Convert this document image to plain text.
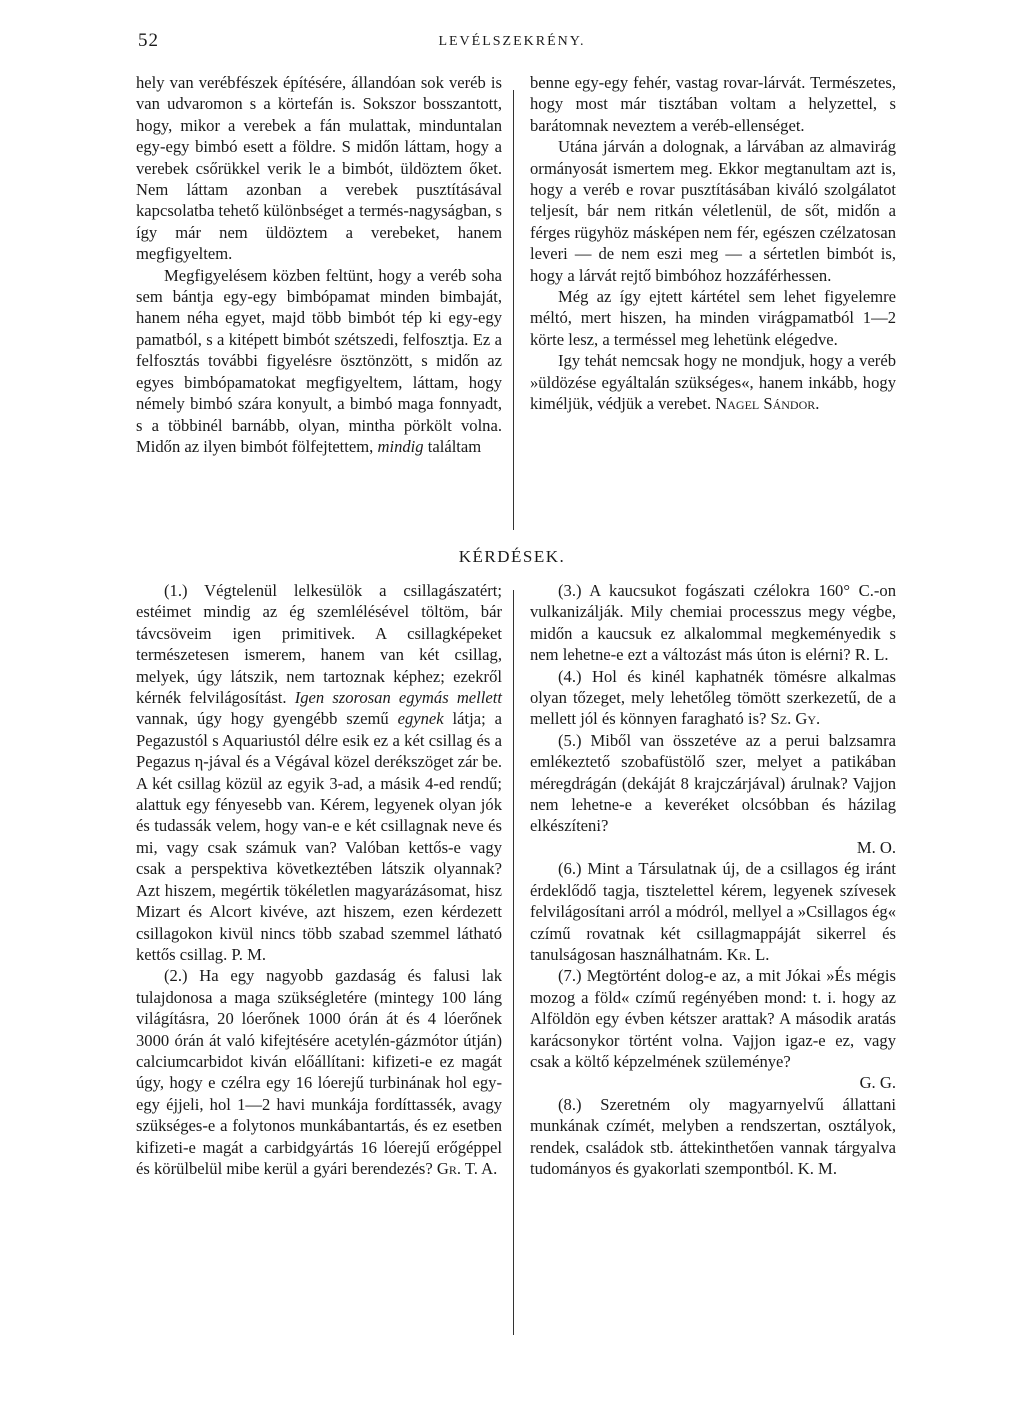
52	LEVÉLSZEKRÉNY.

hely van verébfészek építésére, állandóan sok veréb is van udvaromon s a körtefán is. Sokszor bosszantott, hogy, mikor a verebek a fán mulattak, minduntalan egy-egy bimbó esett a földre. S midőn láttam, hogy a verebek csőrükkel verik le a bimbót, üldöztem őket. Nem láttam azonban a verebek pusztításával kapcsolatba tehető különbséget a termés-nagyságban, s így már nem üldöztem a verebeket, hanem megfigyeltem.

Megfigyelésem közben feltünt, hogy a veréb soha sem bántja egy-egy bimbópamat minden bimbaját, hanem néha egyet, majd több bimbót tép ki egy-egy pamatból, s a kitépett bimbót szétszedi, felfosztja. Ez a felfosztás további figyelésre ösztönzött, s midőn az egyes bimbópamatokat megfigyeltem, láttam, hogy némely bimbó szára konyult, a bimbó maga fonnyadt, s a többinél barnább, olyan, mintha pörkölt volna. Midőn az ilyen bimbót fölfejtettem, mindig találtam

benne egy-egy fehér, vastag rovar-lárvát. Természetes, hogy most már tisztában voltam a helyzettel, s barátomnak neveztem a veréb-ellenséget.

Utána járván a dolognak, a lárvában az almavirág ormányosát ismertem meg. Ekkor megtanultam azt is, hogy a veréb e rovar pusztításában kiváló szolgálatot teljesít, bár nem ritkán véletlenül, de sőt, midőn a férges rügyhöz másképen nem fér, egészen czélzatosan leveri — de nem eszi meg — a sértetlen bimbót is, hogy a lárvát rejtő bimbóhoz hozzáférhessen.

Még az így ejtett kártétel sem lehet figyelemre méltó, mert hiszen, ha minden virágpamatból 1—2 körte lesz, a terméssel meg lehetünk elégedve.

Igy tehát nemcsak hogy ne mondjuk, hogy a veréb »üldözése egyáltalán szükséges«, hanem inkább, hogy kiméljük, védjük a verebet. Nagel Sándor.

KÉRDÉSEK.

(1.) Végtelenül lelkesülök a csillagászatért; estéimet mindig az ég szemlélésével töltöm, bár távcsöveim igen primitivek. A csillagképeket természetesen ismerem, hanem van két csillag, melyek, úgy látszik, nem tartoznak képhez; ezekről kérnék felvilágosítást. Igen szorosan egymás mellett vannak, úgy hogy gyengébb szemű egynek látja; a Pegazustól s Aquariustól délre esik ez a két csillag és a Pegazus η-jával és a Végával közel derékszöget zár be. A két csillag közül az egyik 3-ad, a másik 4-ed rendű; alattuk egy fényesebb van. Kérem, legyenek olyan jók és tudassák velem, hogy van-e e két csillagnak neve és mi, vagy csak számuk van? Valóban kettős-e vagy csak a perspektiva következtében látszik olyannak? Azt hiszem, megértik tökéletlen magyarázásomat, hisz Mizart és Alcort kivéve, azt hiszem, ezen kérdezett csillagokon kivül nincs több szabad szemmel látható kettős csillag. P. M.

(2.) Ha egy nagyobb gazdaság és falusi lak tulajdonosa a maga szükségletére (mintegy 100 láng világításra, 20 lóerőnek 1000 órán át és 4 lóerőnek 3000 órán át való kifejtésére acetylén-gázmótor útján) calciumcarbidot kiván előállítani: kifizeti-e ez magát úgy, hogy e czélra egy 16 lóerejű turbinának hol egy-egy éjjeli, hol 1—2 havi munkája fordíttassék, avagy szükséges-e a folytonos munkábantartás, és ez esetben kifizeti-e magát a carbidgyártás 16 lóerejű erőgéppel és körülbelül mibe kerül a gyári berendezés? Gr. T. A.

(3.) A kaucsukot fogászati czélokra 160° C.-on vulkanizálják. Mily chemiai processzus megy végbe, midőn a kaucsuk ez alkalommal megkeményedik s nem lehetne-e ezt a változást más úton is elérni? R. L.

(4.) Hol és kinél kaphatnék tömésre alkalmas olyan tőzeget, mely lehetőleg tömött szerkezetű, de a mellett jól és könnyen faragható is? Sz. Gy.

(5.) Miből van összetéve az a perui balzsamra emlékeztető szobafüstölő szer, melyet a patikában méregdrágán (dekáját 8 krajczárjával) árulnak? Vajjon nem lehetne-e a keveréket olcsóbban és házilag elkészíteni?

M. O.

(6.) Mint a Társulatnak új, de a csillagos ég iránt érdeklődő tagja, tisztelettel kérem, legyenek szívesek felvilágosítani arról a módról, mellyel a »Csillagos ég« czímű rovatnak két csillagmappáját sikerrel és tanulságosan használhatnám. Kr. L.

(7.) Megtörtént dolog-e az, a mit Jókai »És mégis mozog a föld« czímű regényében mond: t. i. hogy az Alföldön egy évben kétszer arattak? A második aratás karácsonykor történt volna. Vajjon igaz-e ez, vagy csak a költő képzelmének szüleménye?

G. G.

(8.) Szeretném oly magyarnyelvű állattani munkának czímét, melyben a rendszertan, osztályok, rendek, családok stb. áttekinthetően vannak tárgyalva tudományos és gyakorlati szempontból. K. M.
